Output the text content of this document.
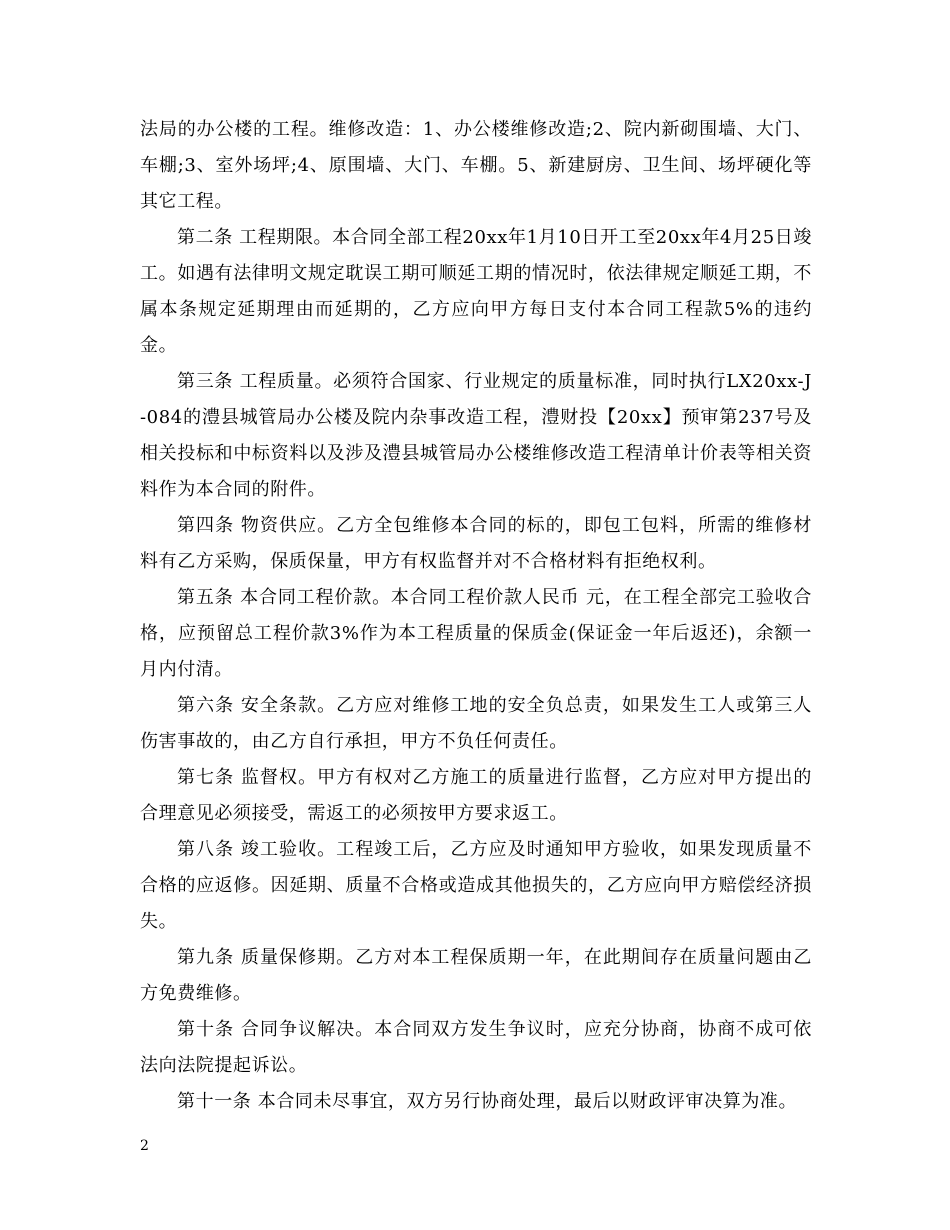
法局的办公楼的工程。维修改造：1、办公楼维修改造;2、院内新砌围墙、大门、车棚;3、室外场坪;4、原围墙、大门、车棚。5、新建厨房、卫生间、场坪硬化等其它工程。

第二条 工程期限。本合同全部工程20xx年1月10日开工至20xx年4月25日竣工。如遇有法律明文规定耽误工期可顺延工期的情况时，依法律规定顺延工期，不属本条规定延期理由而延期的，乙方应向甲方每日支付本合同工程款5%的违约金。

第三条 工程质量。必须符合国家、行业规定的质量标准，同时执行LX20xx-J-084的澧县城管局办公楼及院内杂事改造工程，澧财投【20xx】预审第237号及相关投标和中标资料以及涉及澧县城管局办公楼维修改造工程清单计价表等相关资料作为本合同的附件。

第四条 物资供应。乙方全包维修本合同的标的，即包工包料，所需的维修材料有乙方采购，保质保量，甲方有权监督并对不合格材料有拒绝权利。

第五条 本合同工程价款。本合同工程价款人民币 元，在工程全部完工验收合格，应预留总工程价款3%作为本工程质量的保质金(保证金一年后返还)，余额一月内付清。

第六条 安全条款。乙方应对维修工地的安全负总责，如果发生工人或第三人伤害事故的，由乙方自行承担，甲方不负任何责任。

第七条 监督权。甲方有权对乙方施工的质量进行监督，乙方应对甲方提出的合理意见必须接受，需返工的必须按甲方要求返工。

第八条 竣工验收。工程竣工后，乙方应及时通知甲方验收，如果发现质量不合格的应返修。因延期、质量不合格或造成其他损失的，乙方应向甲方赔偿经济损失。

第九条 质量保修期。乙方对本工程保质期一年，在此期间存在质量问题由乙方免费维修。

第十条 合同争议解决。本合同双方发生争议时，应充分协商，协商不成可依法向法院提起诉讼。

第十一条 本合同未尽事宜，双方另行协商处理，最后以财政评审决算为准。

2
